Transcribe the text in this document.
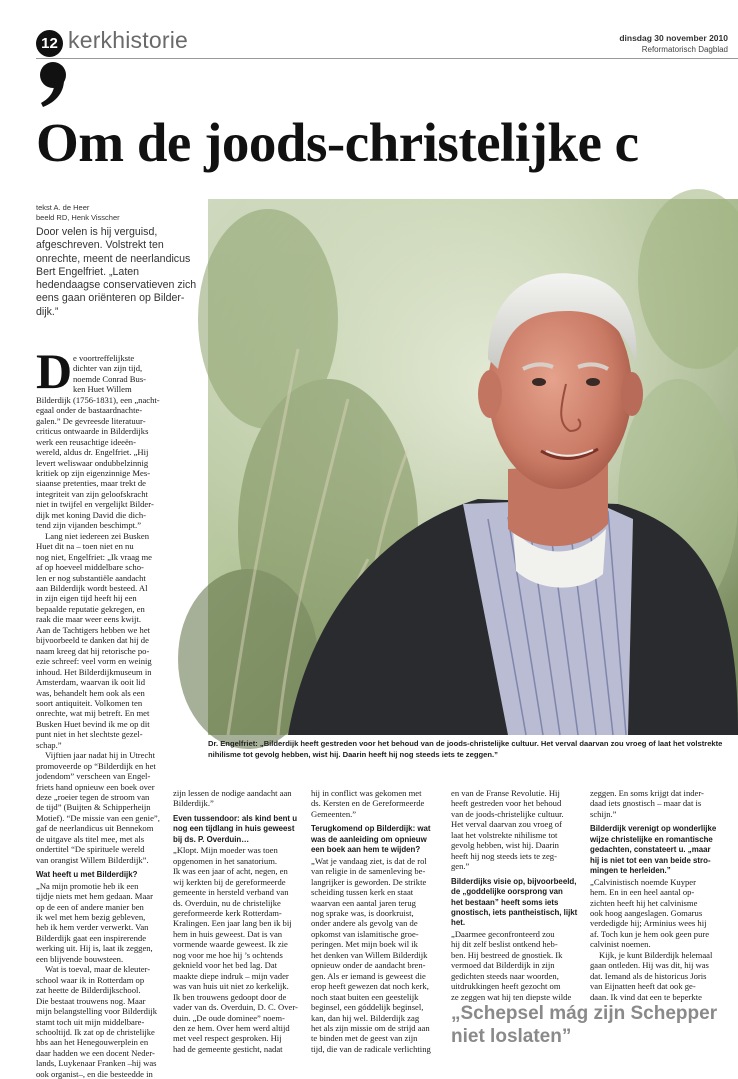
12 kerkhistorie	dinsdag 30 november 2010
Reformatorisch Dagblad
Om de joods-christelijke c
tekst A. de Heer
beeld RD, Henk Visscher
Door velen is hij verguisd, afgeschreven. Volstrekt ten onrechte, meent de neerlandicus Bert Engelfriet. „Laten hedendaagse conservatieven zich eens gaan oriënteren op Bilderdijk.”
Dr. Engelfriet: „Bilderdijk heeft gestreden voor het behoud van de joods-christelijke cultuur. Het verval daarvan zou vroeg of laat het volstrekte nihilisme tot gevolg hebben, wist hij. Daarin heeft hij nog steeds iets te zeggen.”
D e voortreffelijkste

dichter van zijn tijd,

noemde Conrad Bus-

ken Huet Willem

Bilderdijk (1756-1831), een „nacht-

egaal onder de bastaardnachte-

galen.” De gevreesde literatuur-

criticus ontwaarde in Bilderdijks

werk een reusachtige ideeën-

wereld, aldus dr. Engelfriet. „Hij

levert weliswaar ondubbelzinnig

kritiek op zijn eigenzinnige Mes-

siaanse pretenties, maar trekt de

integriteit van zijn geloofskracht

niet in twijfel en vergelijkt Bilder-

dijk met koning David die dich-

tend zijn vijanden beschimpt.”

Lang niet iedereen zei Busken

Huet dit na – toen niet en nu

nog niet, Engelfriet: „Ik vraag me

af op hoeveel middelbare scho-

len er nog substantiële aandacht

aan Bilderdijk wordt besteed. Al

in zijn eigen tijd heeft hij een

bepaalde reputatie gekregen, en

raak die maar weer eens kwijt.

Aan de Tachtigers hebben we het

bijvoorbeeld te danken dat hij de

naam kreeg dat hij retorische po-

ezie schreef: veel vorm en weinig

inhoud. Het Bilderdijkmuseum in

Amsterdam, waarvan ik ooit lid

was, behandelt hem ook als een

soort antiquiteit. Volkomen ten

onrechte, wat mij betreft. En met

Busken Huet bevind ik me op dit

punt niet in het slechtste gezel-

schap.”

Vijftien jaar nadat hij in Utrecht

promoveerde op “Bilderdijk en het

jodendom” verscheen van Engel-

friets hand opnieuw een boek over

deze „roeier tegen de stroom van

de tijd” (Buijten & Schipperheijn

Motief). “De missie van een genie”,

gaf de neerlandicus uit Bennekom

de uitgave als titel mee, met als

ondertitel “De spirituele wereld

van orangist Willem Bilderdijk”.

Wat heeft u met Bilderdijk?

„Na mijn promotie heb ik een

tijdje niets met hem gedaan. Maar

op de een of andere manier ben

ik wel met hem bezig gebleven,

heb ik hem verder verwerkt. Van

Bilderdijk gaat een inspirerende

werking uit. Hij is, laat ik zeggen,

een blijvende bouwsteen.

Wat is toeval, maar de kleuter-

school waar ik in Rotterdam op

zat heette de Bilderdijkschool.

Die bestaat trouwens nog. Maar

mijn belangstelling voor Bilderdijk

stamt toch uit mijn middelbare-

schooltijd. Ik zat op de christelijke

hbs aan het Henegouwerplein en

daar hadden we een docent Neder-

lands, Luykenaar Franken –hij was

ook organist–, en die besteedde in

zijn lessen de nodige aandacht aan

Bilderdijk.”

Even tussendoor: als kind bent u

nog een tijdlang in huis geweest

bij ds. P. Overduin…

„Klopt. Mijn moeder was toen

opgenomen in het sanatorium.

Ik was een jaar of acht, negen, en

wij kerkten bij de gereformeerde

gemeente in hersteld verband van

ds. Overduin, nu de christelijke

gereformeerde kerk Rotterdam-

Kralingen. Een jaar lang ben ik bij

hem in huis geweest. Dat is van

vormende waarde geweest. Ik zie

nog voor me hoe hij ’s ochtends

geknield voor het bed lag. Dat

maakte diepe indruk – mijn vader

was van huis uit niet zo kerkelijk.

Ik ben trouwens gedoopt door de

vader van ds. Overduin, D. C. Over-

duin. „De oude dominee” noem-

den ze hem. Over hem werd altijd

met veel respect gesproken. Hij

had de gemeente gesticht, nadat

hij in conflict was gekomen met

ds. Kersten en de Gereformeerde

Gemeenten.”

Terugkomend op Bilderdijk: wat

was de aanleiding om opnieuw

een boek aan hem te wijden?

„Wat je vandaag ziet, is dat de rol

van religie in de samenleving be-

langrijker is geworden. De strikte

scheiding tussen kerk en staat

waarvan een aantal jaren terug

nog sprake was, is doorkruist,

onder andere als gevolg van de

opkomst van islamitische groe-

peringen. Met mijn boek wil ik

het denken van Willem Bilderdijk

opnieuw onder de aandacht bren-

gen. Als er iemand is geweest die

erop heeft gewezen dat noch kerk,

noch staat buiten een geestelijk

beginsel, een góddelijk beginsel,

kan, dan hij wel. Bilderdijk zag

het als zijn missie om de strijd aan

te binden met de geest van zijn

tijd, die van de radicale verlichting

en van de Franse Revolutie. Hij

heeft gestreden voor het behoud

van de joods-christelijke cultuur.

Het verval daarvan zou vroeg of

laat het volstrekte nihilisme tot

gevolg hebben, wist hij. Daarin

heeft hij nog steeds iets te zeg-

gen.”

Bilderdijks visie op, bijvoorbeeld,

de „goddelijke oorsprong van

het bestaan” heeft soms iets

gnostisch, iets pantheistisch, lijkt

het.

„Daarmee geconfronteerd zou

hij dit zelf beslist ontkend heb-

ben. Hij bestreed de gnostiek. Ik

vermoed dat Bilderdijk in zijn

gedichten steeds naar woorden,

uitdrukkingen heeft gezocht om

ze zeggen wat hij ten diepste wilde

zeggen. En soms krijgt dat inder-

daad iets gnostisch – maar dat is

schijn.”

Bilderdijk verenigt op wonderlijke

wijze christelijke en romantische

gedachten, constateert u. „maar

hij is niet tot een van beide stro-

mingen te herleiden.”

„Calvinistisch noemde Kuyper

hem. En in een heel aantal op-

zichten heeft hij het calvinisme

ook hoog aangeslagen. Gomarus

verdedigde hij; Arminius wees hij

af. Toch kun je hem ook geen pure

calvinist noemen.

Kijk, je kunt Bilderdijk helemaal

gaan ontleden. Hij was dit, hij was

dat. Iemand als de historicus Joris

van Eijnatten heeft dat ook ge-

daan. Ik vind dat een te beperkte

„Schepsel mág zijn Schepper niet loslaten”
